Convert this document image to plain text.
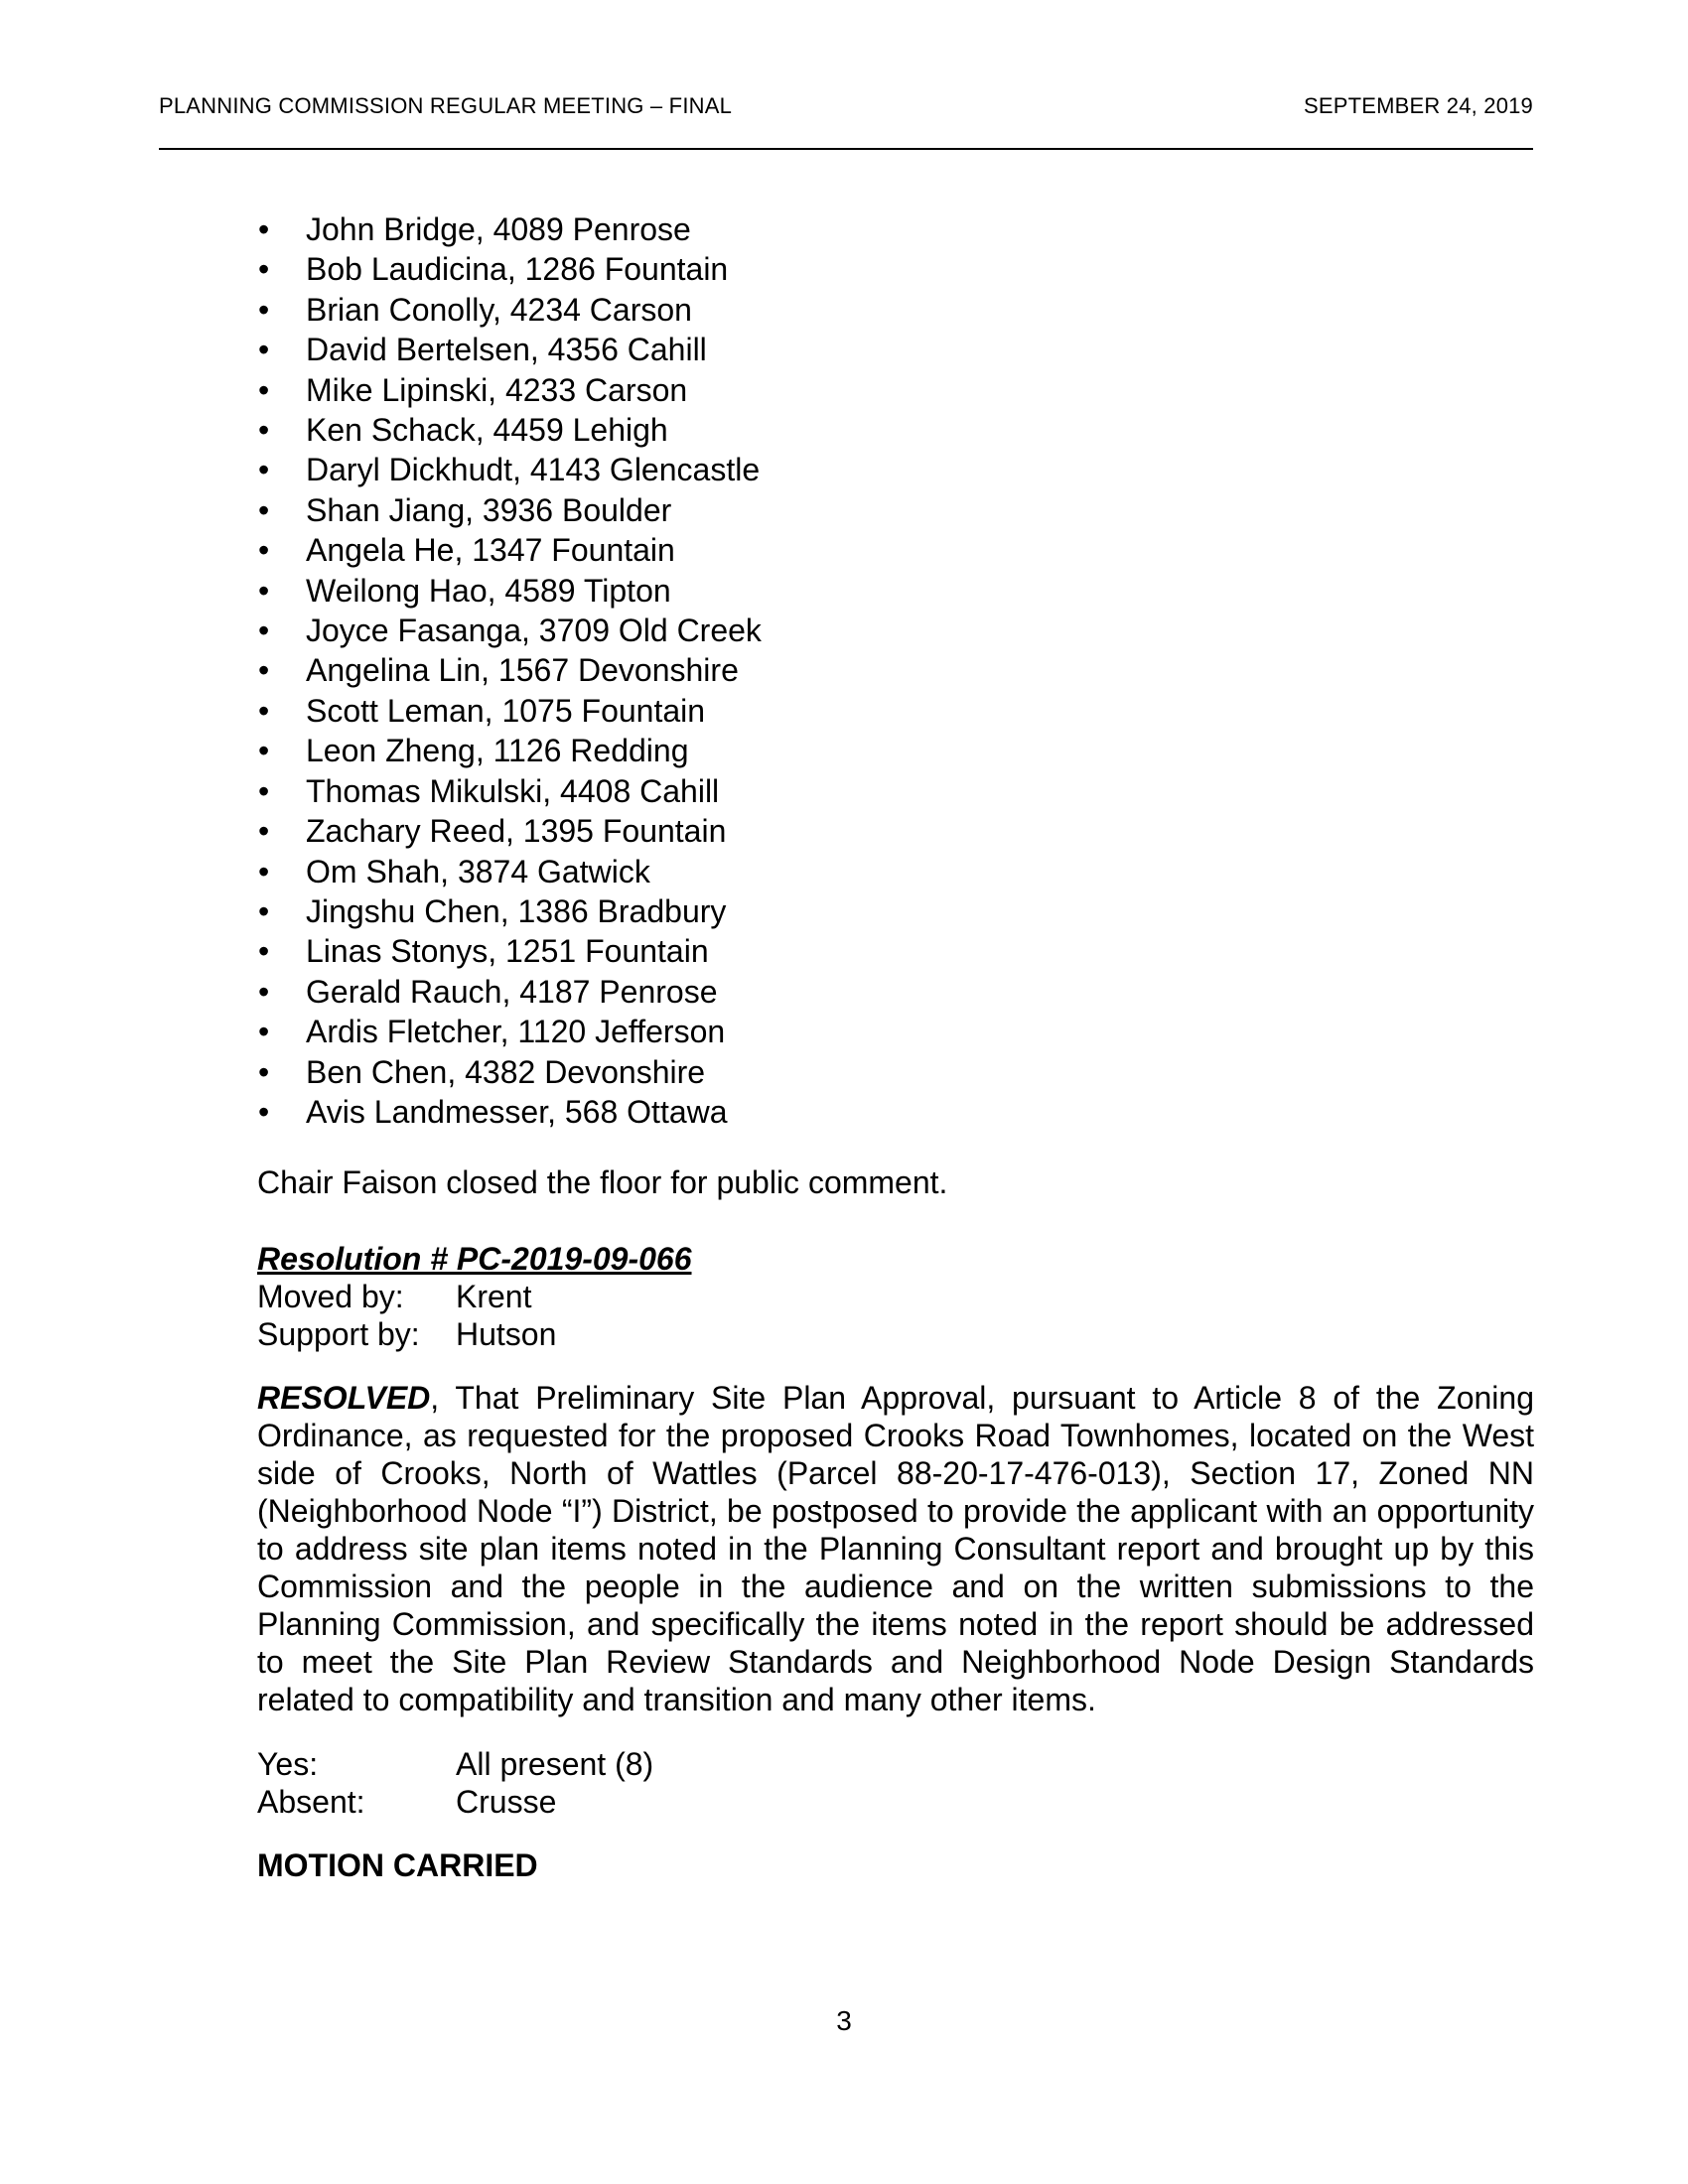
PLANNING COMMISSION REGULAR MEETING – FINAL	SEPTEMBER 24, 2019
• John Bridge, 4089 Penrose
• Bob Laudicina, 1286 Fountain
• Brian Conolly, 4234 Carson
• David Bertelsen, 4356 Cahill
• Mike Lipinski, 4233 Carson
• Ken Schack, 4459 Lehigh
• Daryl Dickhudt, 4143 Glencastle
• Shan Jiang, 3936 Boulder
• Angela He, 1347 Fountain
• Weilong Hao, 4589 Tipton
• Joyce Fasanga, 3709 Old Creek
• Angelina Lin, 1567 Devonshire
• Scott Leman, 1075 Fountain
• Leon Zheng, 1126 Redding
• Thomas Mikulski, 4408 Cahill
• Zachary Reed, 1395 Fountain
• Om Shah, 3874 Gatwick
• Jingshu Chen, 1386 Bradbury
• Linas Stonys, 1251 Fountain
• Gerald Rauch, 4187 Penrose
• Ardis Fletcher, 1120 Jefferson
• Ben Chen, 4382 Devonshire
• Avis Landmesser, 568 Ottawa

Chair Faison closed the floor for public comment.

Resolution # PC-2019-09-066

Moved by: Krent
Support by: Hutson

RESOLVED, That Preliminary Site Plan Approval, pursuant to Article 8 of the Zoning Ordinance, as requested for the proposed Crooks Road Townhomes, located on the West side of Crooks, North of Wattles (Parcel 88-20-17-476-013), Section 17, Zoned NN (Neighborhood Node “I”) District, be postposed to provide the applicant with an opportunity to address site plan items noted in the Planning Consultant report and brought up by this Commission and the people in the audience and on the written submissions to the Planning Commission, and specifically the items noted in the report should be addressed to meet the Site Plan Review Standards and Neighborhood Node Design Standards related to compatibility and transition and many other items.

Yes:	All present (8)
Absent:	Crusse

MOTION CARRIED

3
